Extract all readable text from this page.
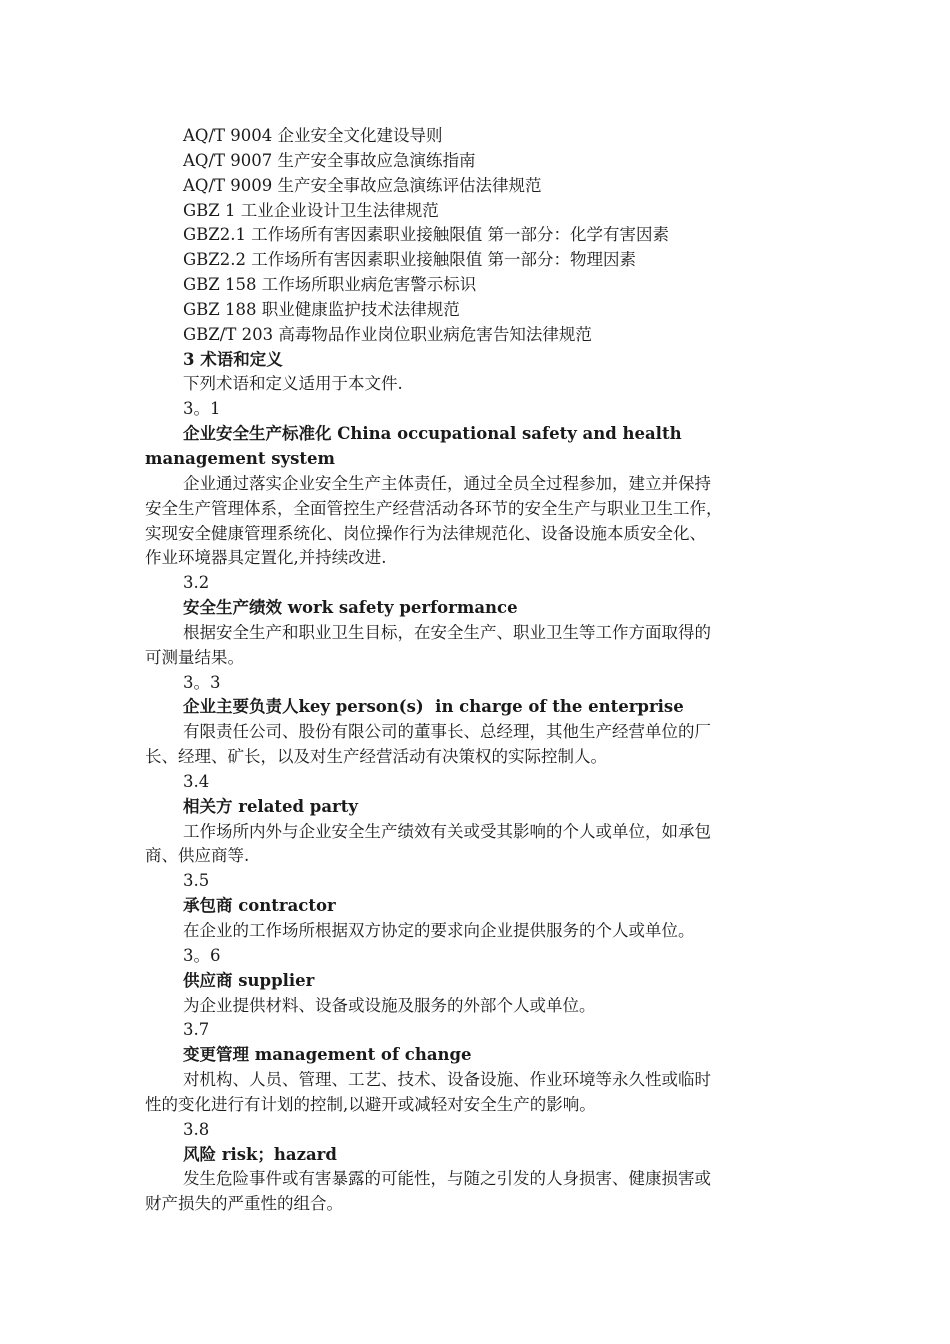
AQ/T 9004 企业安全文化建设导则
AQ/T 9007 生产安全事故应急演练指南
AQ/T 9009 生产安全事故应急演练评估法律规范
GBZ 1 工业企业设计卫生法律规范
GBZ2.1 工作场所有害因素职业接触限值 第一部分：化学有害因素
GBZ2.2 工作场所有害因素职业接触限值 第一部分：物理因素
GBZ 158 工作场所职业病危害警示标识
GBZ 188 职业健康监护技术法律规范
GBZ/T 203 高毒物品作业岗位职业病危害告知法律规范
3 术语和定义
下列术语和定义适用于本文件.
3。1
企业安全生产标准化 China occupational safety and health
management system
企业通过落实企业安全生产主体责任，通过全员全过程参加，建立并保持
安全生产管理体系，全面管控生产经营活动各环节的安全生产与职业卫生工作，
实现安全健康管理系统化、岗位操作行为法律规范化、设备设施本质安全化、
作业环境器具定置化,并持续改进.
3.2
安全生产绩效 work safety performance
根据安全生产和职业卫生目标，在安全生产、职业卫生等工作方面取得的
可测量结果。
3。3
企业主要负责人key person(s)  in charge of the enterprise
有限责任公司、股份有限公司的董事长、总经理，其他生产经营单位的厂
长、经理、矿长，以及对生产经营活动有决策权的实际控制人。
3.4
相关方 related party
工作场所内外与企业安全生产绩效有关或受其影响的个人或单位，如承包
商、供应商等.
3.5
承包商 contractor
在企业的工作场所根据双方协定的要求向企业提供服务的个人或单位。
3。6
供应商 supplier
为企业提供材料、设备或设施及服务的外部个人或单位。
3.7
变更管理 management of change
对机构、人员、管理、工艺、技术、设备设施、作业环境等永久性或临时
性的变化进行有计划的控制,以避开或减轻对安全生产的影响。
3.8
风险 risk；hazard
发生危险事件或有害暴露的可能性，与随之引发的人身损害、健康损害或
财产损失的严重性的组合。
